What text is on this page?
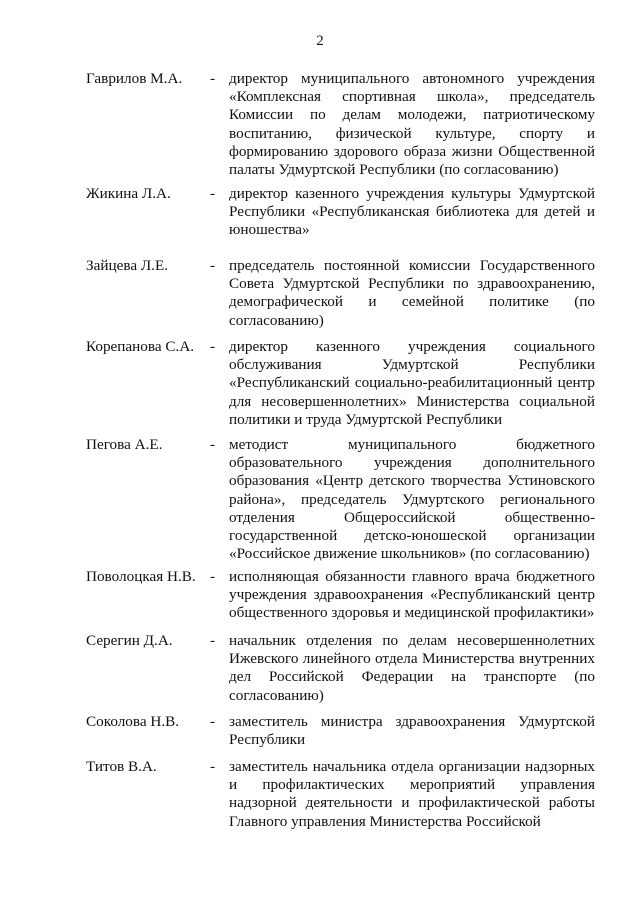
2
Гаврилов М.А. - директор муниципального автономного учреждения «Комплексная спортивная школа», председатель Комиссии по делам молодежи, патриотическому воспитанию, физической культуре, спорту и формированию здорового образа жизни Общественной палаты Удмуртской Республики (по согласованию)
Жикина Л.А.	- директор казенного учреждения культуры Удмуртской Республики «Республиканская библиотека для детей и юношества»
Зайцева Л.Е.	- председатель постоянной комиссии Государственного Совета Удмуртской Республики по здравоохранению, демографической и семейной политике (по согласованию)
Корепанова С.А. - директор казенного учреждения социального обслуживания Удмуртской Республики «Республиканский социально-реабилитационный центр для несовершеннолетних» Министерства социальной политики и труда Удмуртской Республики
Пегова А.Е.	- методист муниципального бюджетного образовательного учреждения дополнительного образования «Центр детского творчества Устиновского района», председатель Удмуртского регионального отделения Общероссийской общественно-государственной детско-юношеской организации «Российское движение школьников» (по согласованию)
Поволоцкая Н.В. - исполняющая обязанности главного врача бюджетного учреждения здравоохранения «Республиканский центр общественного здоровья и медицинской профилактики»
Серегин Д.А. - начальник отделения по делам несовершеннолетних Ижевского линейного отдела Министерства внутренних дел Российской Федерации на транспорте (по согласованию)
Соколова Н.В. - заместитель министра здравоохранения Удмуртской Республики
Титов В.А.	- заместитель начальника отдела организации надзорных и профилактических мероприятий управления надзорной деятельности и профилактической работы Главного управления Министерства Российской
